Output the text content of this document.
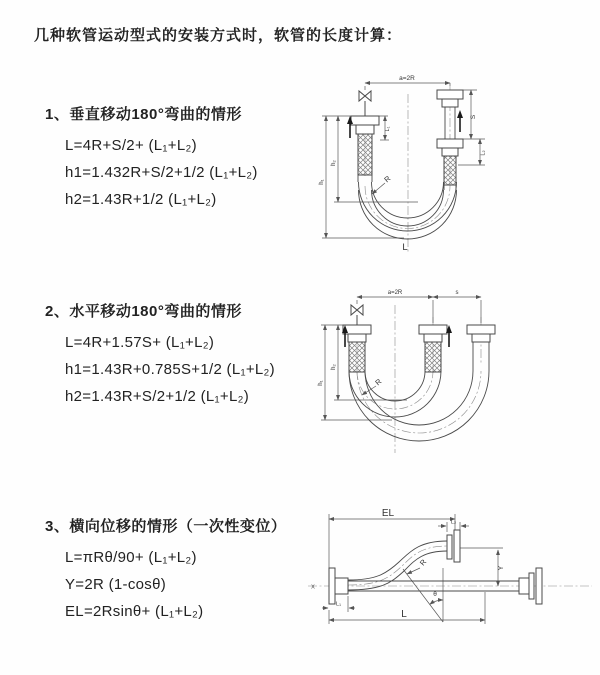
几种软管运动型式的安装方式时，软管的长度计算：
1、垂直移动180°弯曲的情形
L=4R+S/2+ (L₁+L₂)
h1=1.432R+S/2+1/2 (L₁+L₂)
h2=1.43R+1/2 (L₁+L₂)
a=2R
S
L₂
L₁
h₁
h₂
R
L
2、水平移动180°弯曲的情形
L=4R+1.57S+ (L₁+L₂)
h1=1.43R+0.785S+1/2 (L₁+L₂)
h2=1.43R+S/2+1/2 (L₁+L₂)
a=2R	s
h₁
h₂
R
3、横向位移的情形（一次性变位）
L=πRθ/90+ (L₁+L₂)
Y=2R (1-cosθ)
EL=2Rsinθ+ (L₁+L₂)
EL
L₂
Y
L
L₁
R
θ
X
